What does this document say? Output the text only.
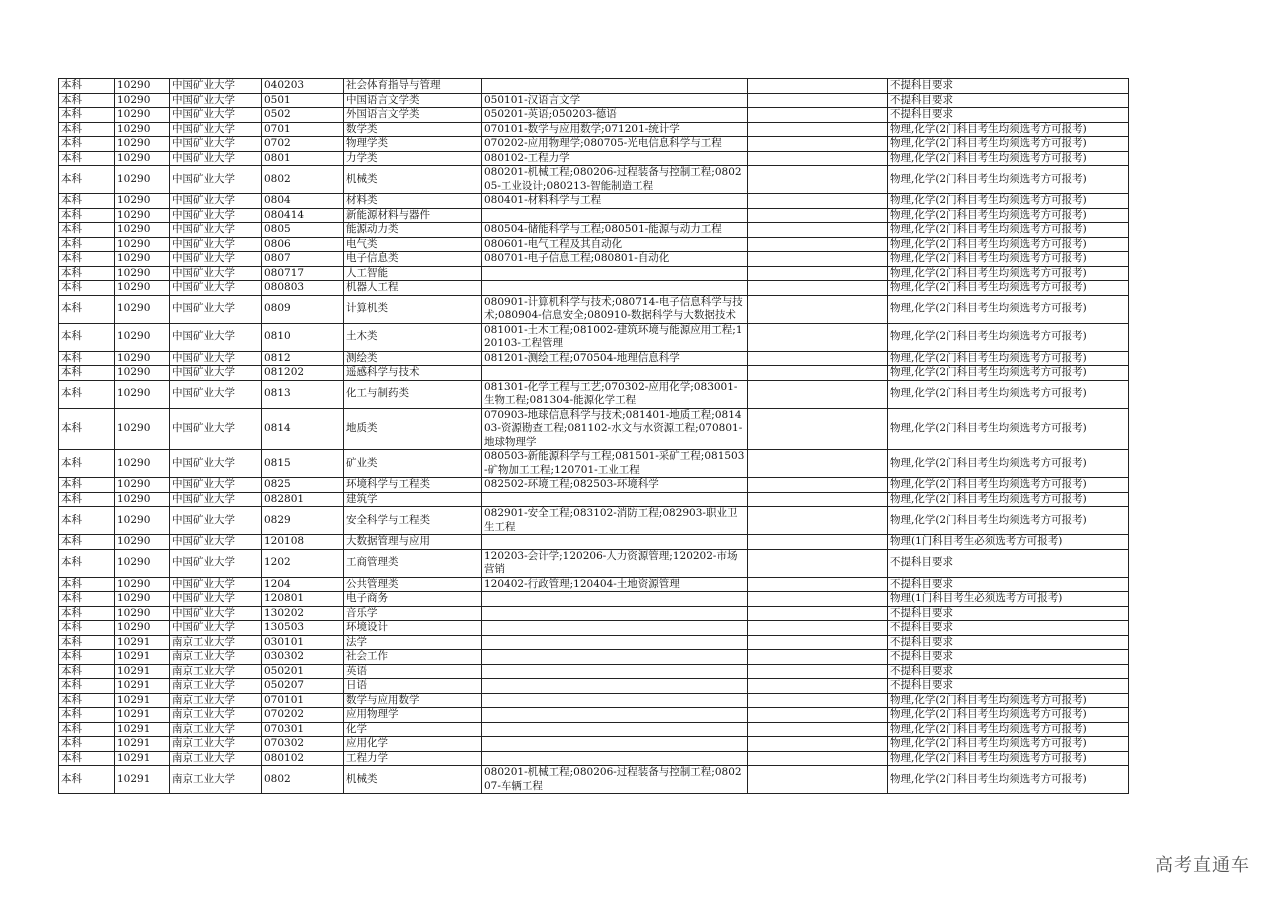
本科	10290	中国矿业大学	040203	社会体育指导与管理			不提科目要求
本科	10290	中国矿业大学	0501	中国语言文学类	050101-汉语言文学		不提科目要求
本科	10290	中国矿业大学	0502	外国语言文学类	050201-英语;050203-德语		不提科目要求
本科	10290	中国矿业大学	0701	数学类	070101-数学与应用数学;071201-统计学		物理,化学(2门科目考生均须选考方可报考)
本科	10290	中国矿业大学	0702	物理学类	070202-应用物理学;080705-光电信息科学与工程		物理,化学(2门科目考生均须选考方可报考)
本科	10290	中国矿业大学	0801	力学类	080102-工程力学		物理,化学(2门科目考生均须选考方可报考)
本科	10290	中国矿业大学	0802	机械类	080201-机械工程;080206-过程装备与控制工程;080205-工业设计;080213-智能制造工程		物理,化学(2门科目考生均须选考方可报考)
本科	10290	中国矿业大学	0804	材料类	080401-材料科学与工程		物理,化学(2门科目考生均须选考方可报考)
本科	10290	中国矿业大学	080414	新能源材料与器件			物理,化学(2门科目考生均须选考方可报考)
本科	10290	中国矿业大学	0805	能源动力类	080504-储能科学与工程;080501-能源与动力工程		物理,化学(2门科目考生均须选考方可报考)
本科	10290	中国矿业大学	0806	电气类	080601-电气工程及其自动化		物理,化学(2门科目考生均须选考方可报考)
本科	10290	中国矿业大学	0807	电子信息类	080701-电子信息工程;080801-自动化		物理,化学(2门科目考生均须选考方可报考)
本科	10290	中国矿业大学	080717	人工智能			物理,化学(2门科目考生均须选考方可报考)
本科	10290	中国矿业大学	080803	机器人工程			物理,化学(2门科目考生均须选考方可报考)
本科	10290	中国矿业大学	0809	计算机类	080901-计算机科学与技术;080714-电子信息科学与技术;080904-信息安全;080910-数据科学与大数据技术		物理,化学(2门科目考生均须选考方可报考)
本科	10290	中国矿业大学	0810	土木类	081001-土木工程;081002-建筑环境与能源应用工程;120103-工程管理		物理,化学(2门科目考生均须选考方可报考)
本科	10290	中国矿业大学	0812	测绘类	081201-测绘工程;070504-地理信息科学		物理,化学(2门科目考生均须选考方可报考)
本科	10290	中国矿业大学	081202	遥感科学与技术			物理,化学(2门科目考生均须选考方可报考)
本科	10290	中国矿业大学	0813	化工与制药类	081301-化学工程与工艺;070302-应用化学;083001-生物工程;081304-能源化学工程		物理,化学(2门科目考生均须选考方可报考)
本科	10290	中国矿业大学	0814	地质类	070903-地球信息科学与技术;081401-地质工程;081403-资源勘查工程;081102-水文与水资源工程;070801-地球物理学		物理,化学(2门科目考生均须选考方可报考)
本科	10290	中国矿业大学	0815	矿业类	080503-新能源科学与工程;081501-采矿工程;081503-矿物加工工程;120701-工业工程		物理,化学(2门科目考生均须选考方可报考)
本科	10290	中国矿业大学	0825	环境科学与工程类	082502-环境工程;082503-环境科学		物理,化学(2门科目考生均须选考方可报考)
本科	10290	中国矿业大学	082801	建筑学			物理,化学(2门科目考生均须选考方可报考)
本科	10290	中国矿业大学	0829	安全科学与工程类	082901-安全工程;083102-消防工程;082903-职业卫生工程		物理,化学(2门科目考生均须选考方可报考)
本科	10290	中国矿业大学	120108	大数据管理与应用			物理(1门科目考生必须选考方可报考)
本科	10290	中国矿业大学	1202	工商管理类	120203-会计学;120206-人力资源管理;120202-市场营销		不提科目要求
本科	10290	中国矿业大学	1204	公共管理类	120402-行政管理;120404-土地资源管理		不提科目要求
本科	10290	中国矿业大学	120801	电子商务			物理(1门科目考生必须选考方可报考)
本科	10290	中国矿业大学	130202	音乐学			不提科目要求
本科	10290	中国矿业大学	130503	环境设计			不提科目要求
本科	10291	南京工业大学	030101	法学			不提科目要求
本科	10291	南京工业大学	030302	社会工作			不提科目要求
本科	10291	南京工业大学	050201	英语			不提科目要求
本科	10291	南京工业大学	050207	日语			不提科目要求
本科	10291	南京工业大学	070101	数学与应用数学			物理,化学(2门科目考生均须选考方可报考)
本科	10291	南京工业大学	070202	应用物理学			物理,化学(2门科目考生均须选考方可报考)
本科	10291	南京工业大学	070301	化学			物理,化学(2门科目考生均须选考方可报考)
本科	10291	南京工业大学	070302	应用化学			物理,化学(2门科目考生均须选考方可报考)
本科	10291	南京工业大学	080102	工程力学			物理,化学(2门科目考生均须选考方可报考)
本科	10291	南京工业大学	0802	机械类	080201-机械工程;080206-过程装备与控制工程;080207-车辆工程		物理,化学(2门科目考生均须选考方可报考)
高考直通车
